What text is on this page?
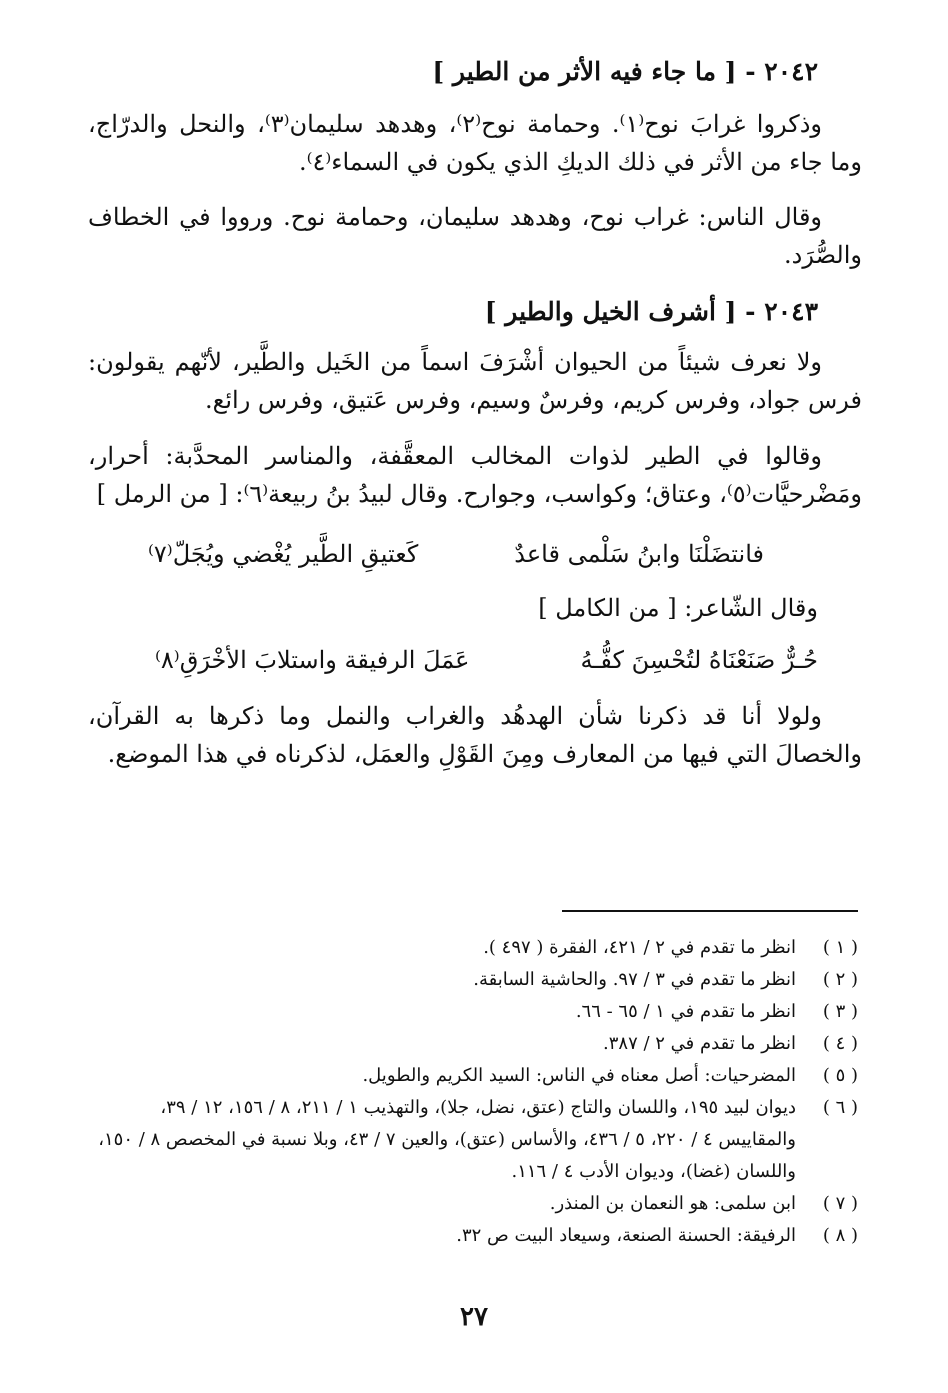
٢٠٤٢ - [ ما جاء فيه الأثر من الطير ]
وذكروا غرابَ نوح⁽١⁾. وحمامة نوح⁽٢⁾، وهدهد سليمان⁽٣⁾، والنحل والدرّاج، وما جاء من الأثر في ذلك الديكِ الذي يكون في السماء⁽٤⁾.
وقال الناس: غراب نوح، وهدهد سليمان، وحمامة نوح. ورووا في الخطاف والصُّرَد.
٢٠٤٣ - [ أشرف الخيل والطير ]
ولا نعرف شيئاً من الحيوان أشْرَفَ اسماً من الخَيل والطَّير، لأنّهم يقولون: فرس جواد، وفرس كريم، وفرسٌ وسيم، وفرس عَتيق، وفرس رائع.
وقالوا في الطير لذوات المخالب المعقَّفة، والمناسر المحدَّبة: أحرار، ومَضْرحيَّات⁽٥⁾، وعتاق؛ وكواسب، وجوارح. وقال لبيدُ بنُ ربيعة⁽٦⁾: [ من الرمل ]
فانتضَلْنَا وابنُ سَلْمى قاعدٌ
كَعتيقِ الطَّير يُغْضي ويُجَلّ⁽٧⁾
وقال الشّاعر: [ من الكامل ]
حُـرٌّ صَنَعْنَاهُ لتُحْسِنَ كفُّـهُ
عَمَلَ الرفيقة واستلابَ الأخْرَقِ⁽٨⁾
ولولا أنا قد ذكرنا شأن الهدهُد والغراب والنمل وما ذكرها به القرآن، والخصالَ التي فيها من المعارف ومِنَ القَوْلِ والعمَل، لذكرناه في هذا الموضع.
( ١ )
انظر ما تقدم في ٢ / ٤٢١، الفقرة ( ٤٩٧ ).
( ٢ )
انظر ما تقدم في ٣ / ٩٧. والحاشية السابقة.
( ٣ )
انظر ما تقدم في ١ / ٦٥ - ٦٦.
( ٤ )
انظر ما تقدم في ٢ / ٣٨٧.
( ٥ )
المضرحيات: أصل معناه في الناس: السيد الكريم والطويل.
( ٦ )
ديوان لبيد ١٩٥، واللسان والتاج (عتق، نضل، جلا)، والتهذيب ١ / ٢١١، ٨ / ١٥٦، ١٢ / ٣٩، والمقاييس ٤ / ٢٢٠، ٥ / ٤٣٦، والأساس (عتق)، والعين ٧ / ٤٣، وبلا نسبة في المخصص ٨ / ١٥٠، واللسان (غضا)، وديوان الأدب ٤ / ١١٦.
( ٧ )
ابن سلمى: هو النعمان بن المنذر.
( ٨ )
الرفيقة: الحسنة الصنعة، وسيعاد البيت ص ٣٢.
٢٧
